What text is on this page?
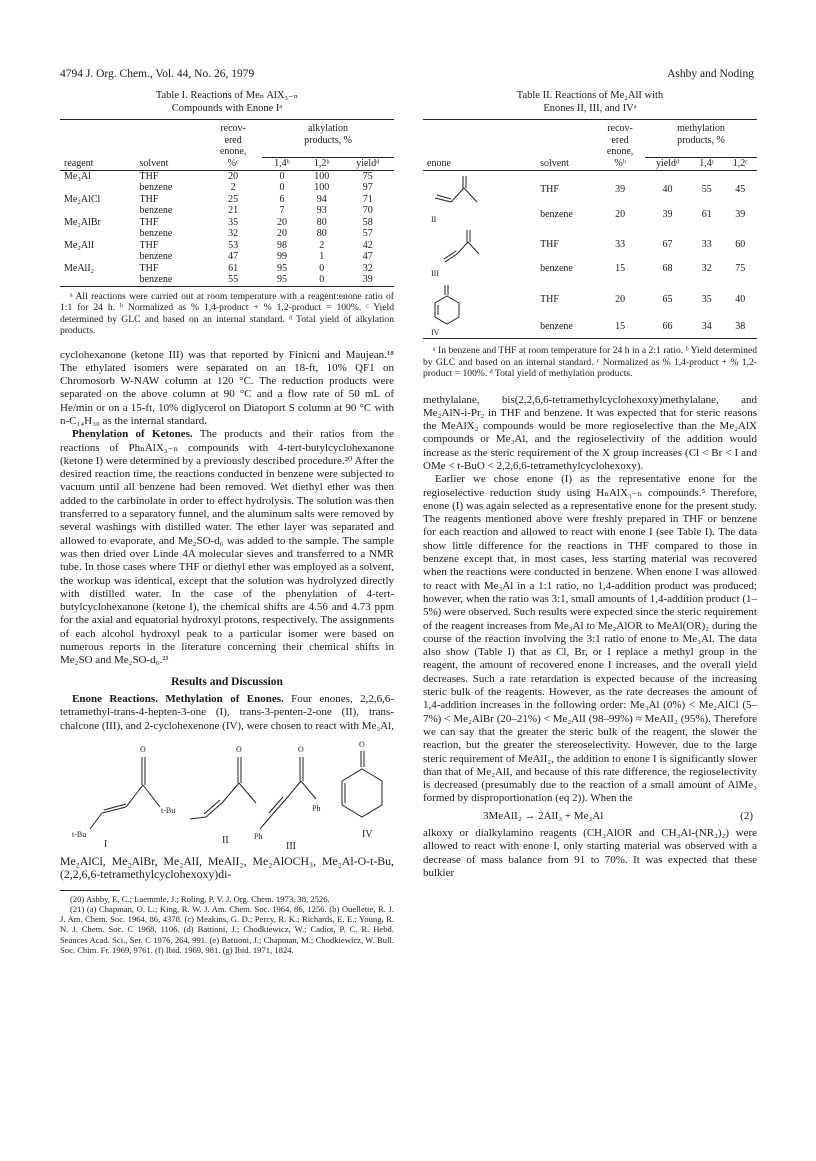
4794 J. Org. Chem., Vol. 44, No. 26, 1979	Ashby and Noding
Table I. Reactions of Meₙ AlX₃₋ₙ
Compounds with Enone Iᵃ
reagent	solvent	recov-	alkylation		
		ered	products, %		
		enone,			
		%ᶜ	1,4ᵇ	1,2ᵇ	yieldᵈ
Me₃Al	THF	20	0	100	75
	benzene	2	0	100	97
Me₂AlCl	THF	25	6	94	71
	benzene	21	7	93	70
Me₂AlBr	THF	35	20	80	58
	benzene	32	20	80	57
Me₂AlI	THF	53	98	2	42
	benzene	47	99	1	47
MeAlI₂	THF	61	95	0	32
	benzene	55	95	0	39
ᵃ All reactions were carried out at room temperature with a reagent:enone ratio of 1:1 for 24 h. ᵇ Normalized as % 1,4-product + % 1,2-product = 100%. ᶜ Yield determined by GLC and based on an internal standard. ᵈ Total yield of alkylation products.

cyclohexanone (ketone III) was that reported by Finicni and Maujean.¹⁸ The ethylated isomers were separated on an 18-ft, 10% QF1 on Chromosorb W-NAW column at 120 °C. The reduction products were separated on the above column at 90 °C and a flow rate of 50 mL of He/min or on a 15-ft, 10% diglycerol on Diatoport S column at 90 °C with n-C₁₄H₃₀ as the internal standard.

Phenylation of Ketones. The products and their ratios from the reactions of PhₙAlX₃₋ₙ compounds with 4-tert-butylcyclohexanone (ketone I) were determined by a previously described procedure.²⁰ After the desired reaction time, the reactions conducted in benzene were subjected to vacuum until all benzene had been removed. Wet diethyl ether was then added to the carbinolate in order to effect hydrolysis. The solution was then transferred to a separatory funnel, and the aluminum salts were removed by several washings with distilled water. The ether layer was separated and allowed to evaporate, and Me₂SO-d₆ was added to the sample. The sample was then dried over Linde 4A molecular sieves and transferred to a NMR tube. In those cases where THF or diethyl ether was employed as a solvent, the workup was identical, except that the solution was hydrolyzed directly with distilled water. In the case of the phenylation of 4-tert-butylcyclohexanone (ketone I), the chemical shifts are 4.56 and 4.73 ppm for the axial and equatorial hydroxyl protons, respectively. The assignments of each alcohol hydroxyl peak to a particular isomer were based on numerous reports in the literature concerning their chemical shifts in Me₂SO and Me₂SO-d₆.²¹

Results and Discussion

Enone Reactions. Methylation of Enones. Four enones, 2,2,6,6-tetramethyl-trans-4-hepten-3-one (I), trans-3-penten-2-one (II), trans-chalcone (III), and 2-cyclohexenone (IV), were chosen to react with Me₃Al,

O
t-Bu
t-Bu
I
O
II
O
Ph
Ph
III
O
IV

Me₂AlCl, Me₂AlBr, Me₂AlI, MeAlI₂, Me₂AlOCH₃, Me₂Al-O-t-Bu, (2,2,6,6-tetramethylcyclohexoxy)di-

(20) Ashby, E. C.; Laemmle, J.; Roling, P. V. J. Org. Chem. 1973, 38, 2526.
(21) (a) Chapman, O. L.; King, R. W. J. Am. Chem. Soc. 1964, 86, 1256. (b) Ouellette, R. J. J. Am. Chem. Soc. 1964, 86, 4378. (c) Meakins, G. D.; Percy, R. K.; Richards, E. E.; Young, R. N. J. Chem. Soc. C 1968, 1106. (d) Battioni, J.; Chodkiewicz, W.; Cadiot, P. C. R. Hebd. Seances Acad. Sci., Ser. C 1976, 264, 991. (e) Battioni, J.; Chapman, M.; Chodkiewicz, W. Bull. Soc. Chim. Fr. 1969, 9761. (f) Ibid. 1969, 981. (g) Ibid. 1971, 1824.
Table II. Reactions of Me₂AlI with
Enones II, III, and IVᵃ
enone	solvent	recov-	methylation		
		ered	products, %		
		enone,			
		%ᵇ	yieldᵈ	1,4ᶜ	1,2ᶜ

II	THF	39	40	55	45
	benzene	20	39	61	39

III	THF	33	67	33	60
	benzene	15	68	32	75

IV	THF	20	65	35	40
	benzene	15	66	34	38
ᵃ In benzene and THF at room temperature for 24 h in a 2:1 ratio. ᵇ Yield determined by GLC and based on an internal standard. ᶜ Normalized as % 1,4-product + % 1,2-product = 100%. ᵈ Total yield of methylation products.

methylalane, bis(2,2,6,6-tetramethylcyclohexoxy)methylalane, and Me₂AlN-i-Pr₂ in THF and benzene. It was expected that for steric reasons the MeAlX₂ compounds would be more regioselective than the Me₂AlX compounds or Me₃Al, and the regioselectivity of the addition would increase as the steric requirement of the X group increases (Cl < Br < I and OMe < t-BuO < 2,2,6,6-tetramethylcyclohexoxy).

Earlier we chose enone (I) as the representative enone for the regioselective reduction study using HₙAlX₃₋ₙ compounds.⁵ Therefore, enone (I) was again selected as a representative enone for the present study. The reagents mentioned above were freshly prepared in THF or benzene for each reaction and allowed to react with enone I (see Table I). The data show little difference for the reactions in THF compared to those in benzene except that, in most cases, less starting material was recovered when the reactions were conducted in benzene. When enone I was allowed to react with Me₃Al in a 1:1 ratio, no 1,4-addition product was produced; however, when the ratio was 3:1, small amounts of 1,4-addition product (1–5%) were observed. Such results were expected since the steric requirement of the reagent increases from Me₃Al to Me₂AlOR to MeAl(OR)₂ during the course of the reaction involving the 3:1 ratio of enone to Me₃Al. The data also show (Table I) that as Cl, Br, or I replace a methyl group in the reagent, the amount of recovered enone I increases, and the overall yield decreases. Such a rate retardation is expected because of the increasing steric bulk of the reagents. However, as the rate decreases the amount of 1,4-addition increases in the following order: Me₃Al (0%) < Me₂AlCl (5–7%) < Me₂AlBr (20–21%) < Me₂AlI (98–99%) ≈ MeAlI₂ (95%). Therefore we can say that the greater the steric bulk of the reagent, the slower the reaction, but the greater the stereoselectivity. However, due to the large steric requirement of MeAlI₂, the addition to enone I is significantly slower than that of Me₂AlI, and because of this rate difference, the regioselectivity is decreased (presumably due to the reaction of a small amount of AlMe₃ formed by disproportionation (eq 2)). When the

3MeAlI₂ → 2AlI₃ + Me₃Al	(2)

alkoxy or dialkylamino reagents (CH₃AlOR and CH₃Al-(NR₂)₂) were allowed to react with enone I, only starting material was observed with a decrease of mass balance from 91 to 70%. It was expected that these bulkier
